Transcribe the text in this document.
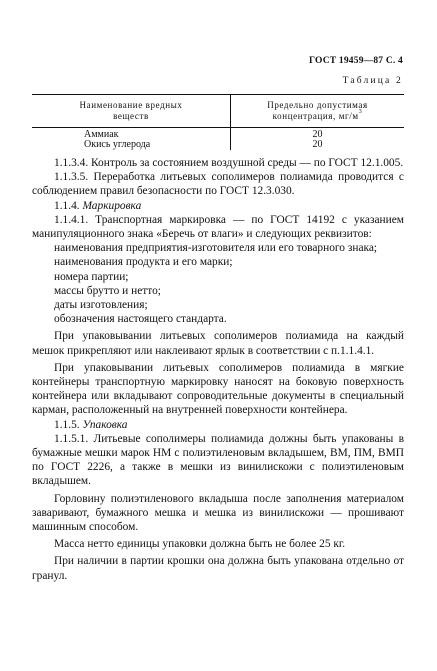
ГОСТ 19459—87 С. 4
Таблица 2
Наименование вредных
веществ	Предельно допустимая
концентрация, $мг/м^3$
Аммиак	20
Окись углерода	20

1.1.3.4. Контроль за состоянием воздушной среды — по ГОСТ 12.1.005.

1.1.3.5. Переработка литьевых сополимеров полиамида проводится с соблюдением правил безопасности по ГОСТ 12.3.030.

1.1.4. Маркировка

1.1.4.1. Транспортная маркировка — по ГОСТ 14192 с указанием манипуляционного знака «Беречь от влаги» и следующих реквизитов:

наименования предприятия-изготовителя или его товарного знака;

наименования продукта и его марки;

номера партии;

массы брутто и нетто;

даты изготовления;

обозначения настоящего стандарта.

При упаковывании литьевых сополимеров полиамида на каждый мешок прикрепляют или наклеивают ярлык в соответствии с п.1.1.4.1.

При упаковывании литьевых сополимеров полиамида в мягкие контейнеры транспортную маркировку наносят на боковую поверхность контейнера или вкладывают сопроводительные документы в специальный карман, расположенный на внутренней поверхности контейнера.

1.1.5. Упаковка

1.1.5.1. Литьевые сополимеры полиамида должны быть упакованы в бумажные мешки марок НМ с полиэтиленовым вкладышем, ВМ, ПМ, ВМП по ГОСТ 2226, а также в мешки из винилискожи с полиэтиленовым вкладышем.

Горловину полиэтиленового вкладыша после заполнения материалом заваривают, бумажного мешка и мешка из винилискожи — прошивают машинным способом.

Масса нетто единицы упаковки должна быть не более 25 кг.

При наличии в партии крошки она должна быть упакована отдельно от гранул.
